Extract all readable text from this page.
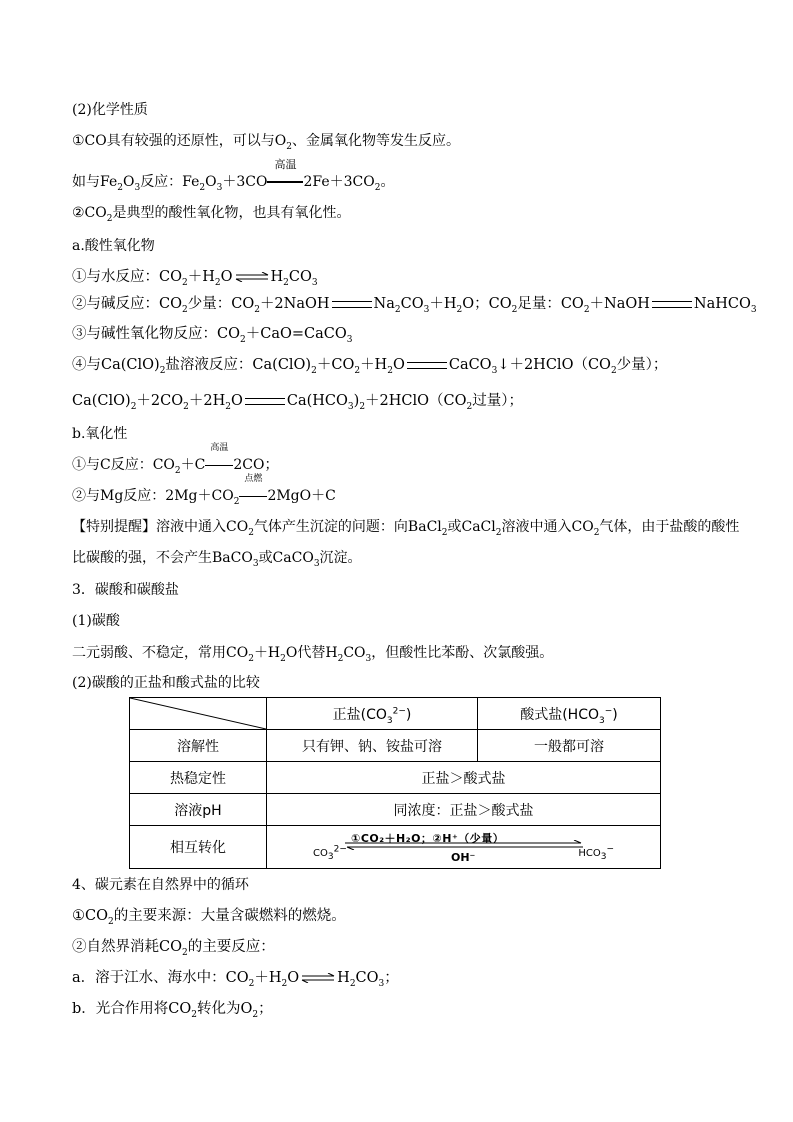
(2)化学性质
①CO具有较强的还原性，可以与$O_2$、金属氧化物等发生反应。
如与$Fe_2O_3$反应：$Fe_2O_3+3CO$
高温
$2Fe+3CO_2$。
$②CO_2$是典型的酸性氧化物，也具有氧化性。
a.酸性氧化物
①与水反应：$CO_2+H_2O$ ⇌ $H_2CO_3$
②与碱反应：$CO_2$少量：$CO_2+2NaOH$	$Na_2CO_3+H_2O$；$CO_2$足量：$CO_2+NaOH$	NaHCO$_3$
③与碱性氧化物反应：$CO_2+CaO=CaCO_3$
④与$Ca(ClO)_2$盐溶液反应：$Ca(ClO)_2+CO_2+H_2O$	$CaCO_3↓+2HClO(CO_2$少量）；
$Ca(ClO)_2+2CO_2+2H_2O$	$Ca(HCO_3)_2+2HClO(CO_2$过量）；
b.氧化性
①与C反应：$CO_2+C$
高温
2CO；
②与Mg反应：$2Mg+CO_2$
点燃
2MgO＋C
【特别提醒】溶液中通入$CO_2$气体产生沉淀的问题：向BaCl$_2$或CaCl$_2$溶液中通入$CO_2$气体，由于盐酸的酸性
比碳酸的强，不会产生BaCO$_3$或CaCO$_3$沉淀。
3．碳酸和碳酸盐
(1)碳酸
二元弱酸、不稳定，常用$CO_2+H_2O$代替$H_2CO_3$，但酸性比苯酚、次氯酸强。
(2)碳酸的正盐和酸式盐的比较
	正盐$(CO_3^{2-})$	酸式盐$(HCO_3^-)$
溶解性	只有钾、钠、铵盐可溶	一般都可溶
热稳定性	正盐＞酸式盐	
溶液pH	同浓度：正盐＞酸式盐	
相互转化	$CO_3^{2-}$
①CO₂＋H₂O；②H⁺（少量）
OH⁻ $HCO_3^-$
4、碳元素在自然界中的循环
$①CO_2$的主要来源：大量含碳燃料的燃烧。
②自然界消耗$CO_2$的主要反应：
a．溶于江水、海水中：$CO_2+H_2O$ ⇌ $H_2CO_3$；
b．光合作用将$CO_2$转化为$O_2$；
